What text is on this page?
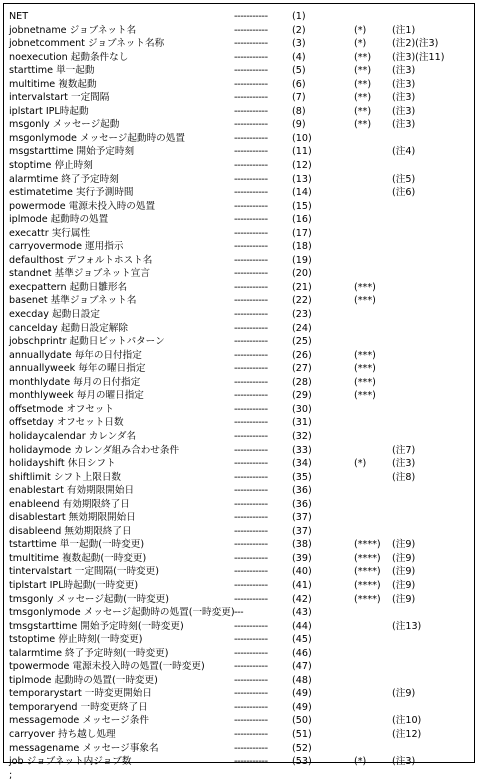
NET	-----------	(1)
jobnetname ジョブネット名	-----------	(2)	(*)	(注1)
jobnetcomment ジョブネット名称	-----------	(3)	(*)	(注2)(注3)
noexecution 起動条件なし	-----------	(4)	(**) (注3)(注11)
starttime 単一起動	-----------	(5)	(**) (注3)
multitime 複数起動	-----------	(6)	(**) (注3)
intervalstart 一定間隔	-----------	(7)	(**) (注3)
iplstart IPL時起動	-----------	(8)	(**) (注3)
msgonly メッセージ起動	-----------	(9)	(**) (注3)
msgonlymode メッセージ起動時の処置	-----------	(10)
msgstarttime 開始予定時刻	-----------	(11)	(注4)
stoptime 停止時刻	-----------	(12)
alarmtime 終了予定時刻	-----------	(13)	(注5)
estimatetime 実行予測時間	-----------	(14)	(注6)
powermode 電源未投入時の処置	-----------	(15)
iplmode 起動時の処置	-----------	(16)
execattr 実行属性	-----------	(17)
carryovermode 運用指示	-----------	(18)
defaulthost デフォルトホスト名	-----------	(19)
standnet 基準ジョブネット宣言	-----------	(20)
execpattern 起動日雛形名	-----------	(21)	(***)
basenet 基準ジョブネット名	-----------	(22)	(***)
execday 起動日設定	-----------	(23)
cancelday 起動日設定解除	-----------	(24)
jobschprintr 起動日ビットパターン	-----------	(25)
annuallydate 毎年の日付指定	-----------	(26)	(***)
annuallyweek 毎年の曜日指定	-----------	(27)	(***)
monthlydate 毎月の日付指定	-----------	(28)	(***)
monthlyweek 毎月の曜日指定	-----------	(29)	(***)
offsetmode オフセット	-----------	(30)
offsetday オフセット日数	-----------	(31)
holidaycalendar カレンダ名	-----------	(32)
holidaymode カレンダ組み合わせ条件	-----------	(33)	(注7)
holidayshift 休日シフト	-----------	(34)	(*)	(注3)
shiftlimit シフト上限日数	-----------	(35)	(注8)
enablestart 有効期限開始日	-----------	(36)
enableend 有効期限終了日	-----------	(36)
disablestart 無効期限開始日	-----------	(37)
disableend 無効期限終了日	-----------	(37)
tstarttime 単一起動(一時変更)	-----------	(38)	(****) (注9)
tmultitime 複数起動(一時変更)	-----------	(39)	(****) (注9)
tintervalstart 一定間隔(一時変更)	-----------	(40)	(****) (注9)
tiplstart IPL時起動(一時変更)	-----------	(41)	(****) (注9)
tmsgonly メッセージ起動(一時変更)	-----------	(42)	(****) (注9)
tmsgonlymode メッセージ起動時の処置(一時変更) ---	(43)
tmsgstarttime 開始予定時刻(一時変更)	-----------	(44)	(注13)
tstoptime 停止時刻(一時変更)	-----------	(45)
talarmtime 終了予定時刻(一時変更)	-----------	(46)
tpowermode 電源未投入時の処置(一時変更)	-----------	(47)
tiplmode 起動時の処置(一時変更)	-----------	(48)
temporarystart 一時変更開始日	-----------	(49)	(注9)
temporaryend 一時変更終了日	-----------	(49)
messagemode メッセージ条件	-----------	(50)	(注10)
carryover 持ち越し処理	-----------	(51)	(注12)
messagename メッセージ事象名	-----------	(52)
job ジョブネット内ジョブ数	-----------	(53)	(*)	(注3)
;
